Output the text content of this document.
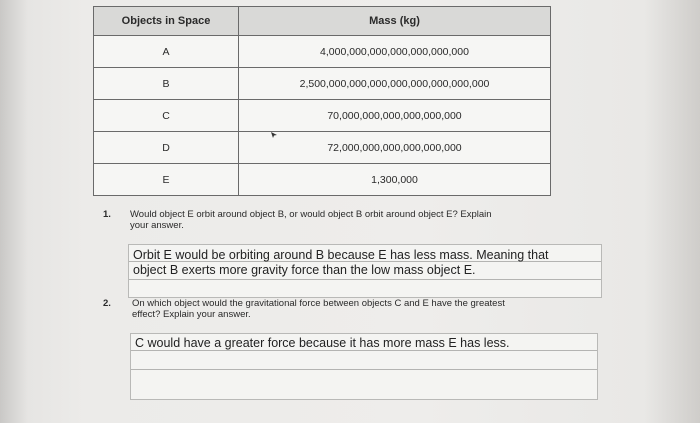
Objects in Space	Mass (kg)
A	4,000,000,000,000,000,000,000
B	2,500,000,000,000,000,000,000,000,000
C	70,000,000,000,000,000,000
D	72,000,000,000,000,000,000
E	1,300,000
1. Would object E orbit around object B, or would object B orbit around object E? Explain
your answer.
Orbit E would be orbiting around B because E has less mass. Meaning that
object B exerts more gravity force than the low mass object E.
2. On which object would the gravitational force between objects C and E have the greatest
effect? Explain your answer.
C would have a greater force because it has more mass E has less.
